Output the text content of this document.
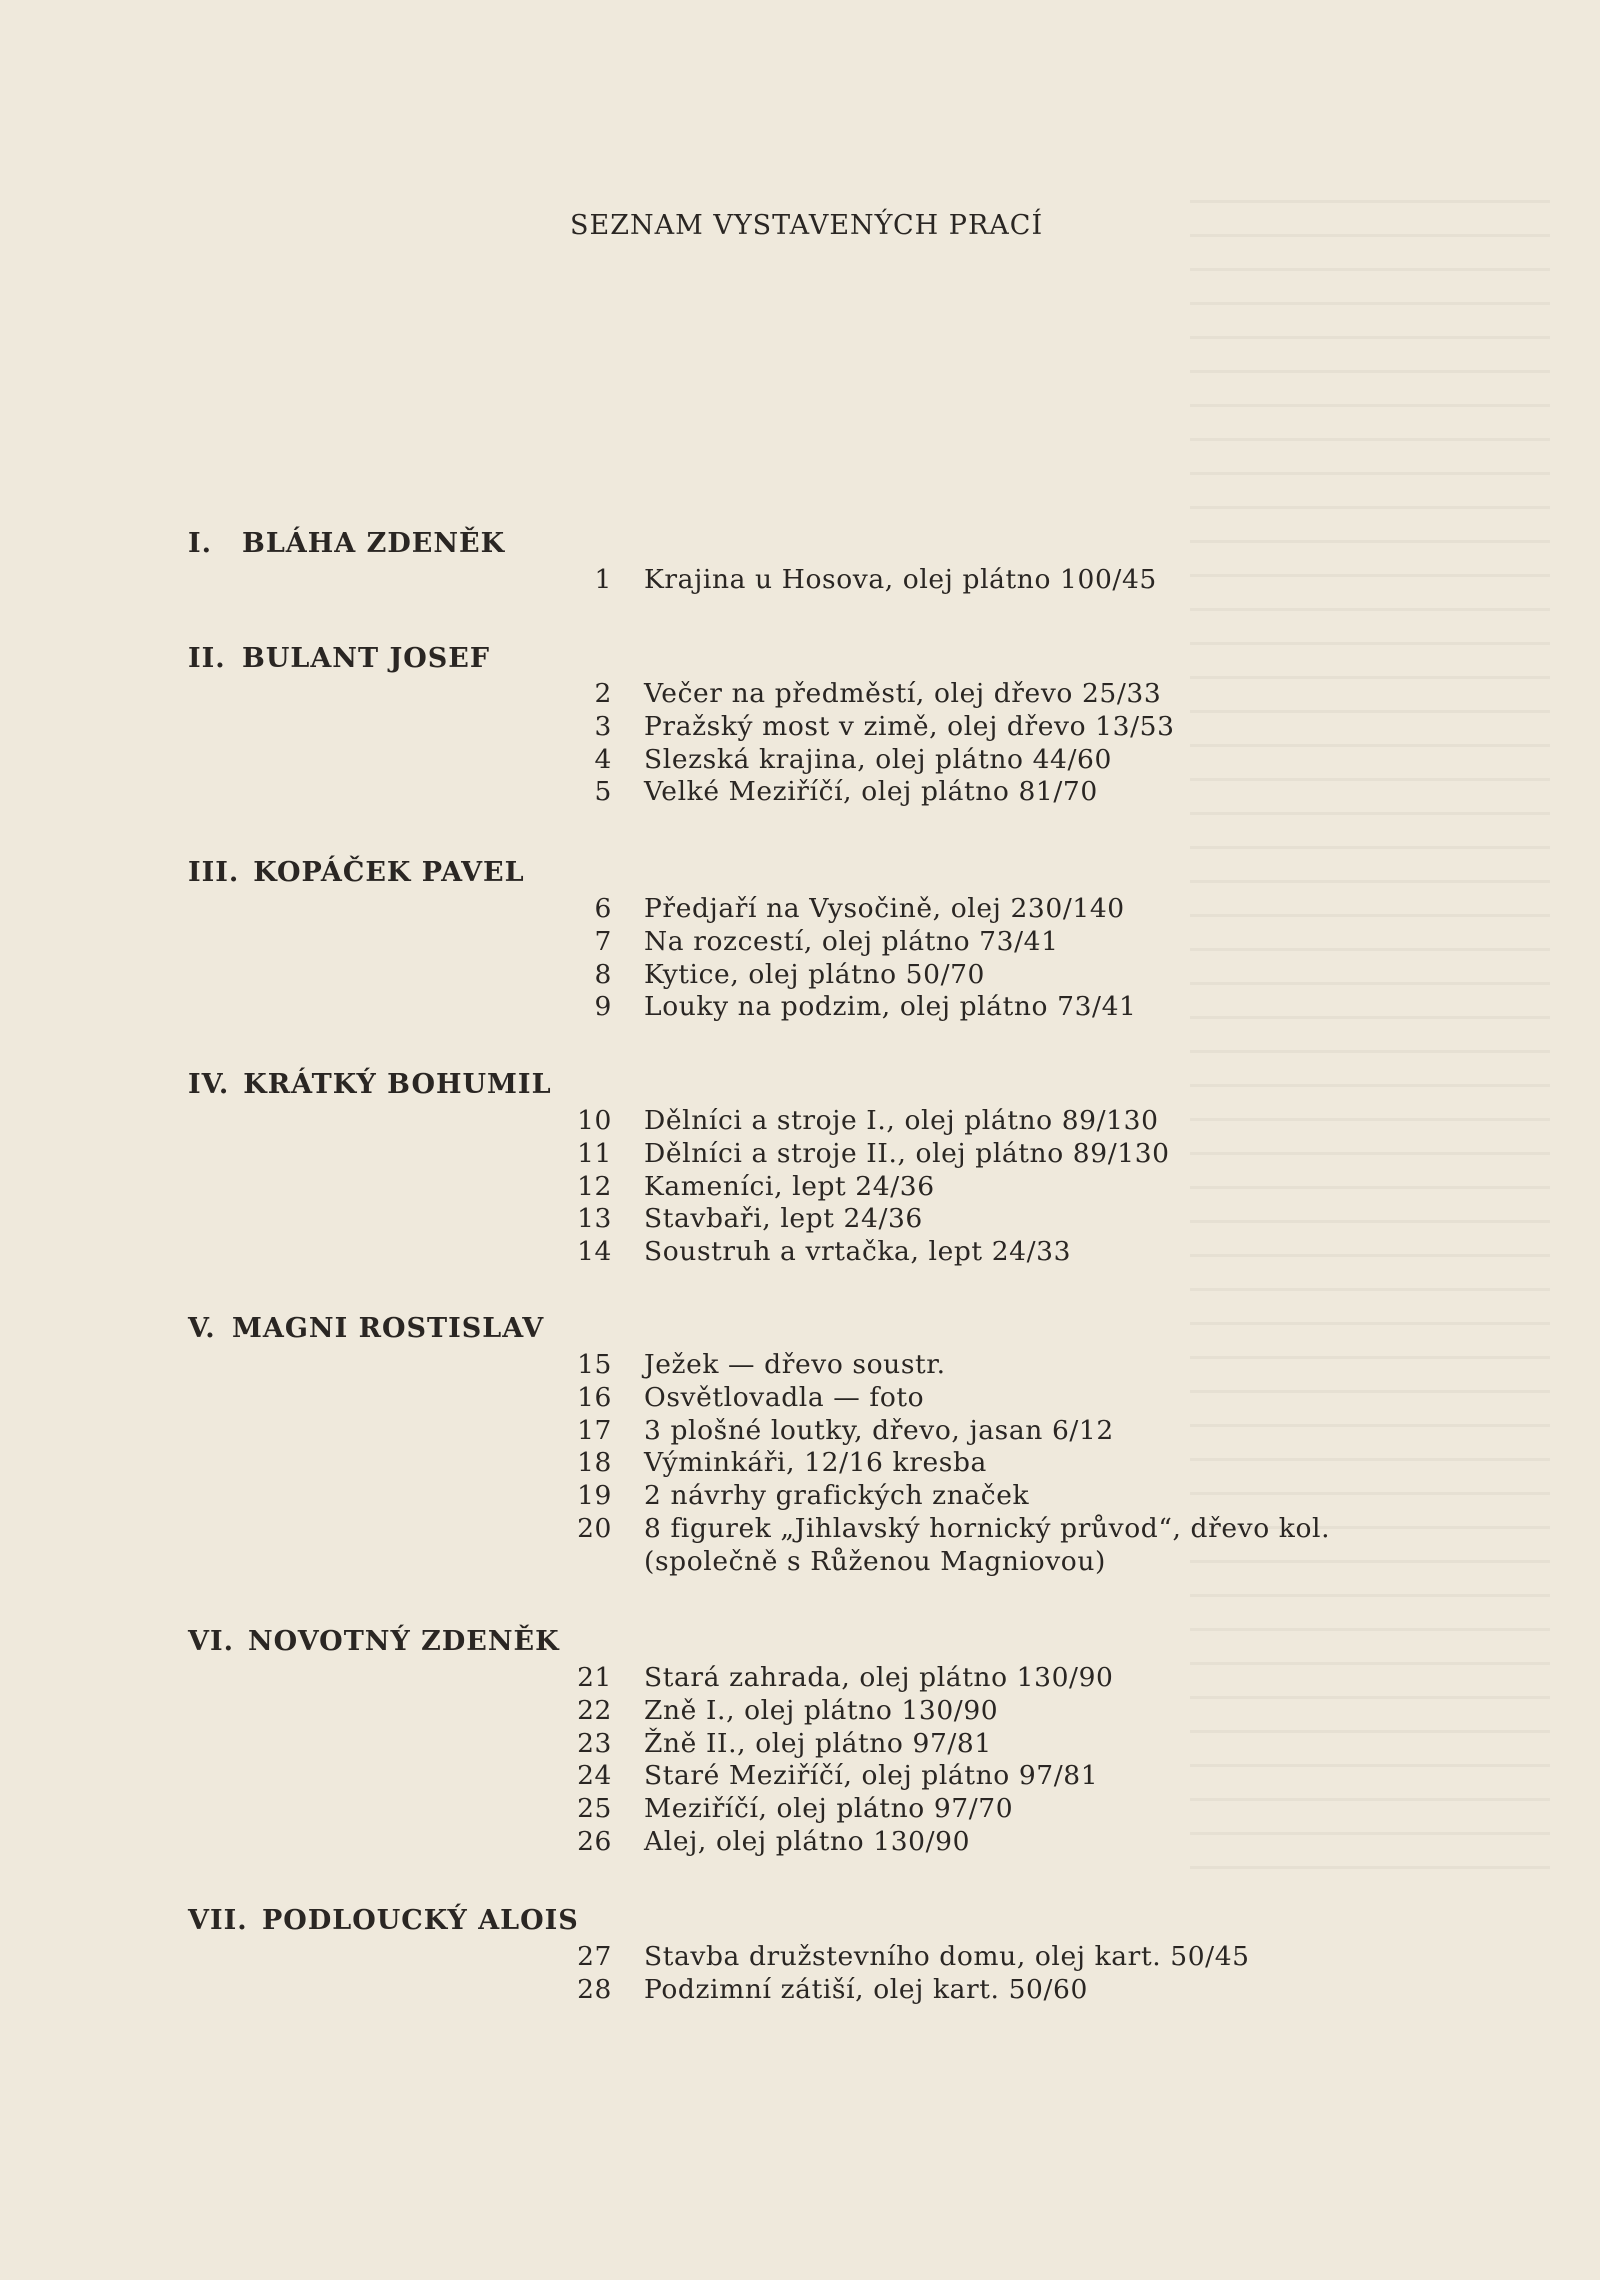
SEZNAM VYSTAVENÝCH PRACÍ
I. BLÁHA ZDENĚK
1 Krajina u Hosova, olej plátno 100/45
II. BULANT JOSEF
2 Večer na předměstí, olej dřevo 25/33
3 Pražský most v zimě, olej dřevo 13/53
4 Slezská krajina, olej plátno 44/60
5 Velké Meziříčí, olej plátno 81/70
III. KOPÁČEK PAVEL
6 Předjaří na Vysočině, olej 230/140
7 Na rozcestí, olej plátno 73/41
8 Kytice, olej plátno 50/70
9 Louky na podzim, olej plátno 73/41
IV. KRÁTKÝ BOHUMIL
10 Dělníci a stroje I., olej plátno 89/130
11 Dělníci a stroje II., olej plátno 89/130
12 Kameníci, lept 24/36
13 Stavbaři, lept 24/36
14 Soustruh a vrtačka, lept 24/33
V. MAGNI ROSTISLAV
15 Ježek — dřevo soustr.
16 Osvětlovadla — foto
17 3 plošné loutky, dřevo, jasan 6/12
18 Výminkáři, 12/16 kresba
19 2 návrhy grafických značek
20 8 figurek „Jihlavský hornický průvod“, dřevo kol.
(společně s Růženou Magniovou)
VI. NOVOTNÝ ZDENĚK
21 Stará zahrada, olej plátno 130/90
22 Zně I., olej plátno 130/90
23 Žně II., olej plátno 97/81
24 Staré Meziříčí, olej plátno 97/81
25 Meziříčí, olej plátno 97/70
26 Alej, olej plátno 130/90
VII. PODLOUCKÝ ALOIS
27 Stavba družstevního domu, olej kart. 50/45
28 Podzimní zátiší, olej kart. 50/60
